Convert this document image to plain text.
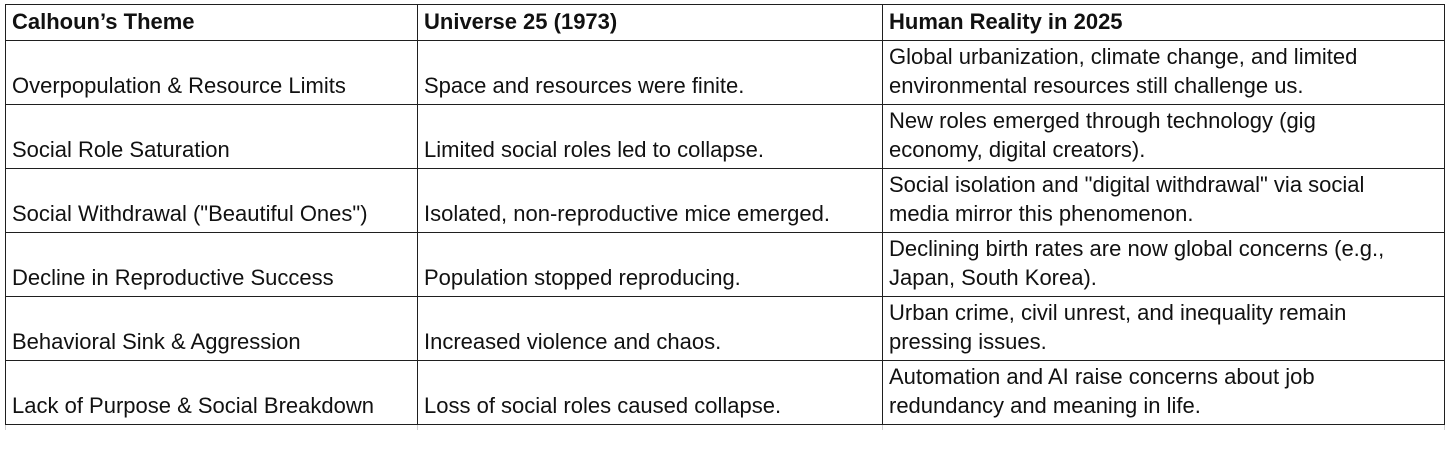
Calhoun’s Theme	Universe 25 (1973)	Human Reality in 2025
Overpopulation & Resource Limits	Space and resources were finite.	Global urbanization, climate change, and limited
environmental resources still challenge us.
Social Role Saturation	Limited social roles led to collapse.	New roles emerged through technology (gig
economy, digital creators).
Social Withdrawal ("Beautiful Ones")	Isolated, non-reproductive mice emerged.	Social isolation and "digital withdrawal" via social
media mirror this phenomenon.
Decline in Reproductive Success	Population stopped reproducing.	Declining birth rates are now global concerns (e.g.,
Japan, South Korea).
Behavioral Sink & Aggression	Increased violence and chaos.	Urban crime, civil unrest, and inequality remain
pressing issues.
Lack of Purpose & Social Breakdown	Loss of social roles caused collapse.	Automation and AI raise concerns about job
redundancy and meaning in life.
